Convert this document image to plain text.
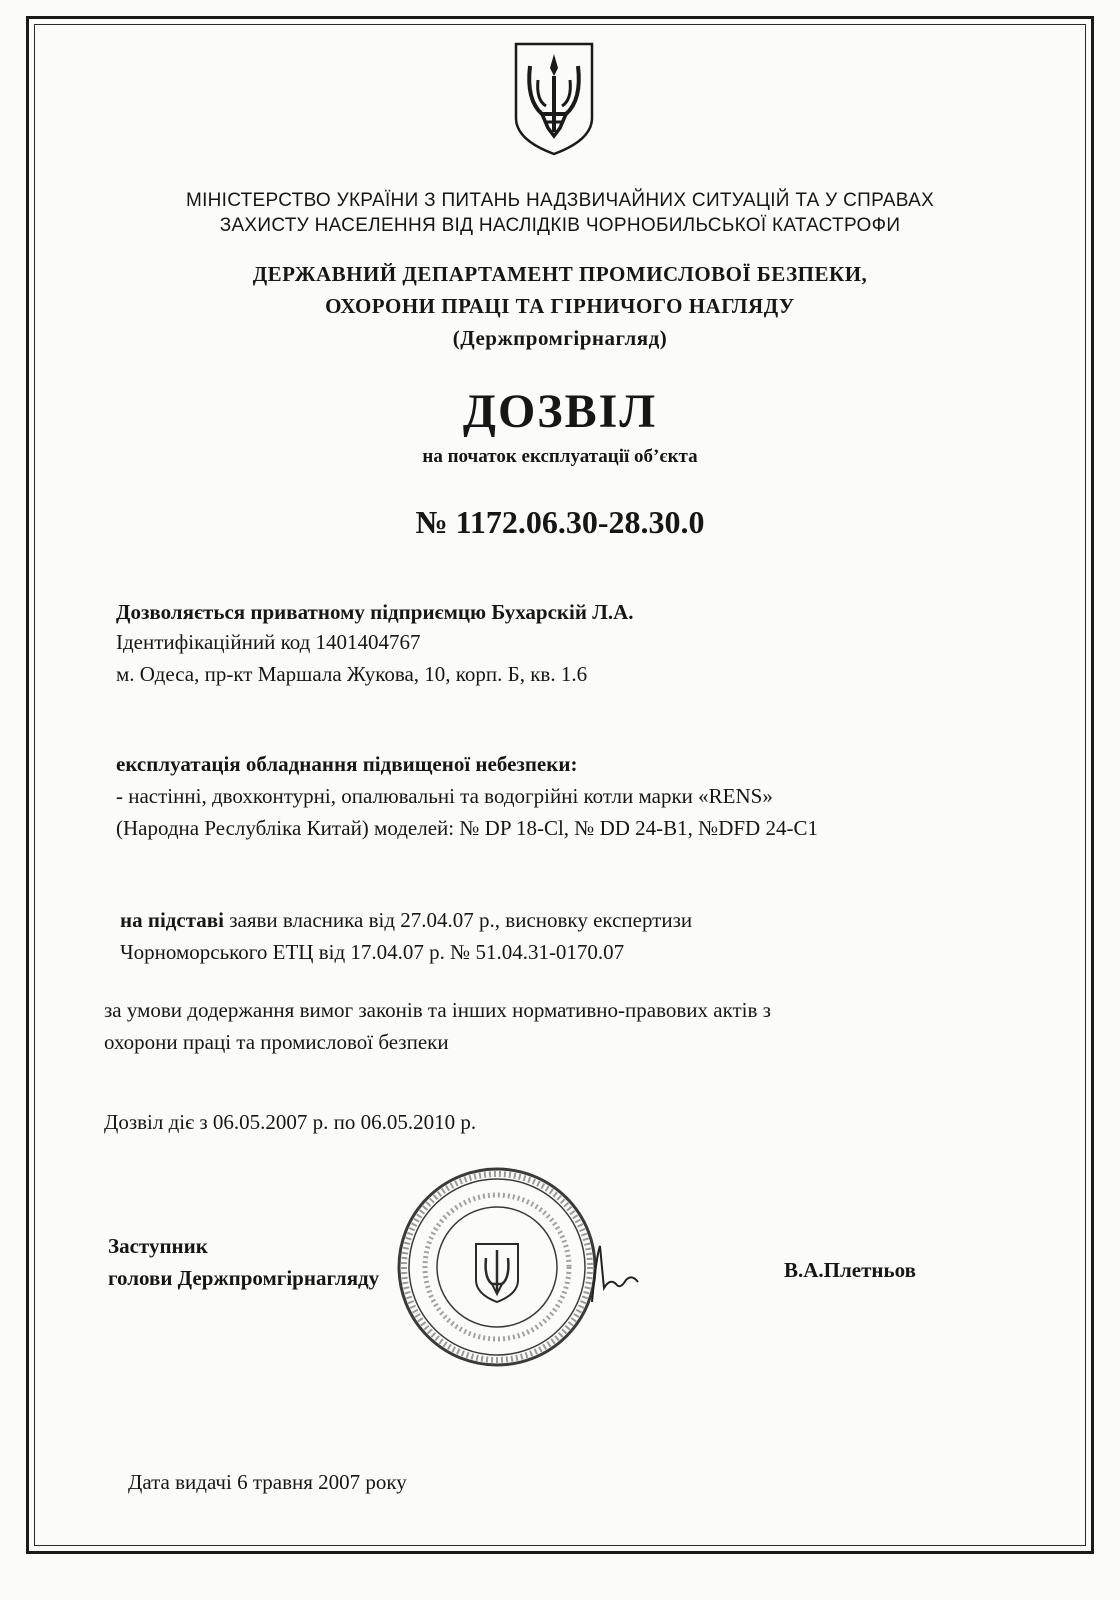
МІНІСТЕРСТВО УКРАЇНИ З ПИТАНЬ НАДЗВИЧАЙНИХ СИТУАЦІЙ ТА У СПРАВАХ
ЗАХИСТУ НАСЕЛЕННЯ ВІД НАСЛІДКІВ ЧОРНОБИЛЬСЬКОЇ КАТАСТРОФИ
ДЕРЖАВНИЙ ДЕПАРТАМЕНТ ПРОМИСЛОВОЇ БЕЗПЕКИ,
ОХОРОНИ ПРАЦІ ТА ГІРНИЧОГО НАГЛЯДУ
(Держпромгірнагляд)
ДОЗВІЛ
на початок експлуатації об’єкта
№ 1172.06.30-28.30.0
Дозволяється приватному підприємцю Бухарскій Л.А.
Ідентифікаційний код 1401404767
м. Одеса, пр-кт Маршала Жукова, 10, корп. Б, кв. 1.6
експлуатація обладнання підвищеної небезпеки:
- настінні, двохконтурні, опалювальні та водогрійні котли марки «RENS»
(Народна Реслубліка Китай) моделей: № DP 18-Cl, № DD 24-B1, №DFD 24-C1
на підставі заяви власника від 27.04.07 р., висновку експертизи
Чорноморського ЕТЦ від 17.04.07 р. № 51.04.31-0170.07
за умови додержання вимог законів та інших нормативно-правових актів з
охорони праці та промислової безпеки
Дозвіл діє з 06.05.2007 р. по 06.05.2010 р.
Заступник
голови Держпромгірнагляду	В.А.Плетньов
Дата видачі 6 травня 2007 року
